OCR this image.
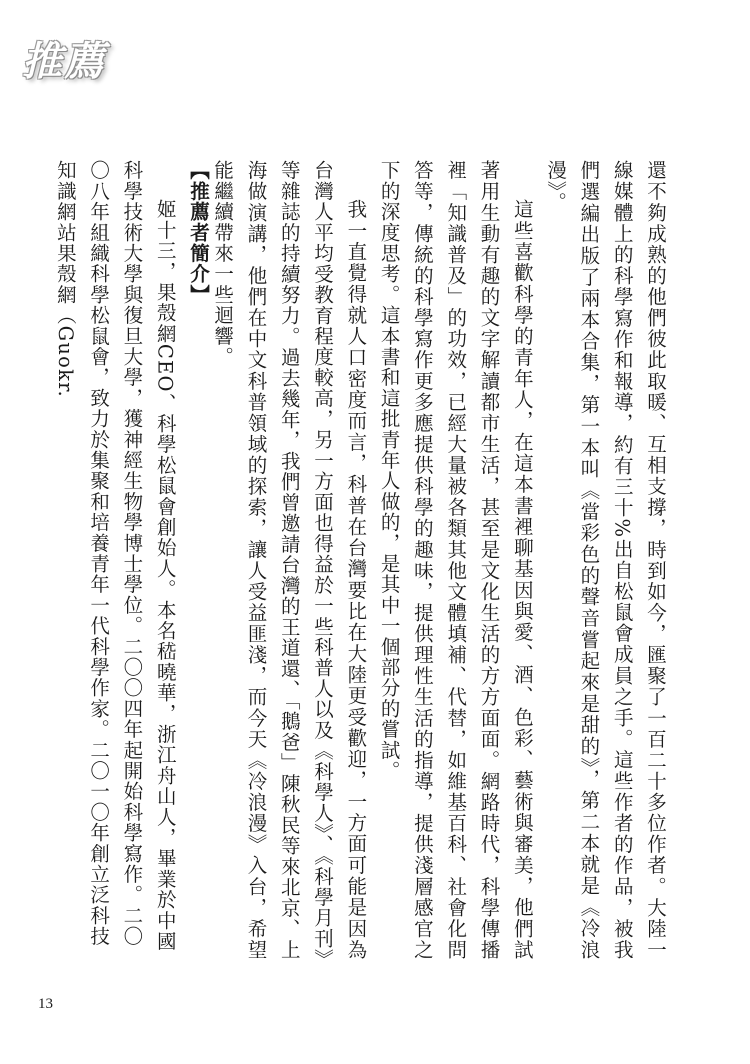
推薦

還不夠成熟的他們彼此取暖、互相支撐，時到如今，匯聚了一百二十多位作者。大陸一線媒體上的科學寫作和報導，約有三十%出自松鼠會成員之手。這些作者的作品，被我們選編出版了兩本合集，第一本叫《當彩色的聲音嘗起來是甜的》，第二本就是《冷浪漫》。

這些喜歡科學的青年人，在這本書裡聊基因與愛、酒、色彩、藝術與審美，他們試著用生動有趣的文字解讀都市生活，甚至是文化生活的方方面面。網路時代，科學傳播裡「知識普及」的功效，已經大量被各類其他文體填補、代替，如維基百科、社會化問答等，傳統的科學寫作更多應提供科學的趣味，提供理性生活的指導，提供淺層感官之下的深度思考。這本書和這批青年人做的，是其中一個部分的嘗試。

我一直覺得就人口密度而言，科普在台灣要比在大陸更受歡迎，一方面可能是因為台灣人平均受教育程度較高，另一方面也得益於一些科普人以及《科學人》、《科學月刊》等雜誌的持續努力。過去幾年，我們曾邀請台灣的王道還、「鵝爸」陳秋民等來北京、上海做演講，他們在中文科普領域的探索，讓人受益匪淺，而今天《冷浪漫》入台，希望能繼續帶來一些迴響。

【推薦者簡介】

姬十三，果殼網CEO、科學松鼠會創始人。本名嵇曉華，浙江舟山人，畢業於中國科學技術大學與復旦大學，獲神經生物學博士學位。二〇〇四年起開始科學寫作。二〇〇八年組織科學松鼠會，致力於集聚和培養青年一代科學作家。二〇一〇年創立泛科技知識網站果殼網（Guokr.

13
